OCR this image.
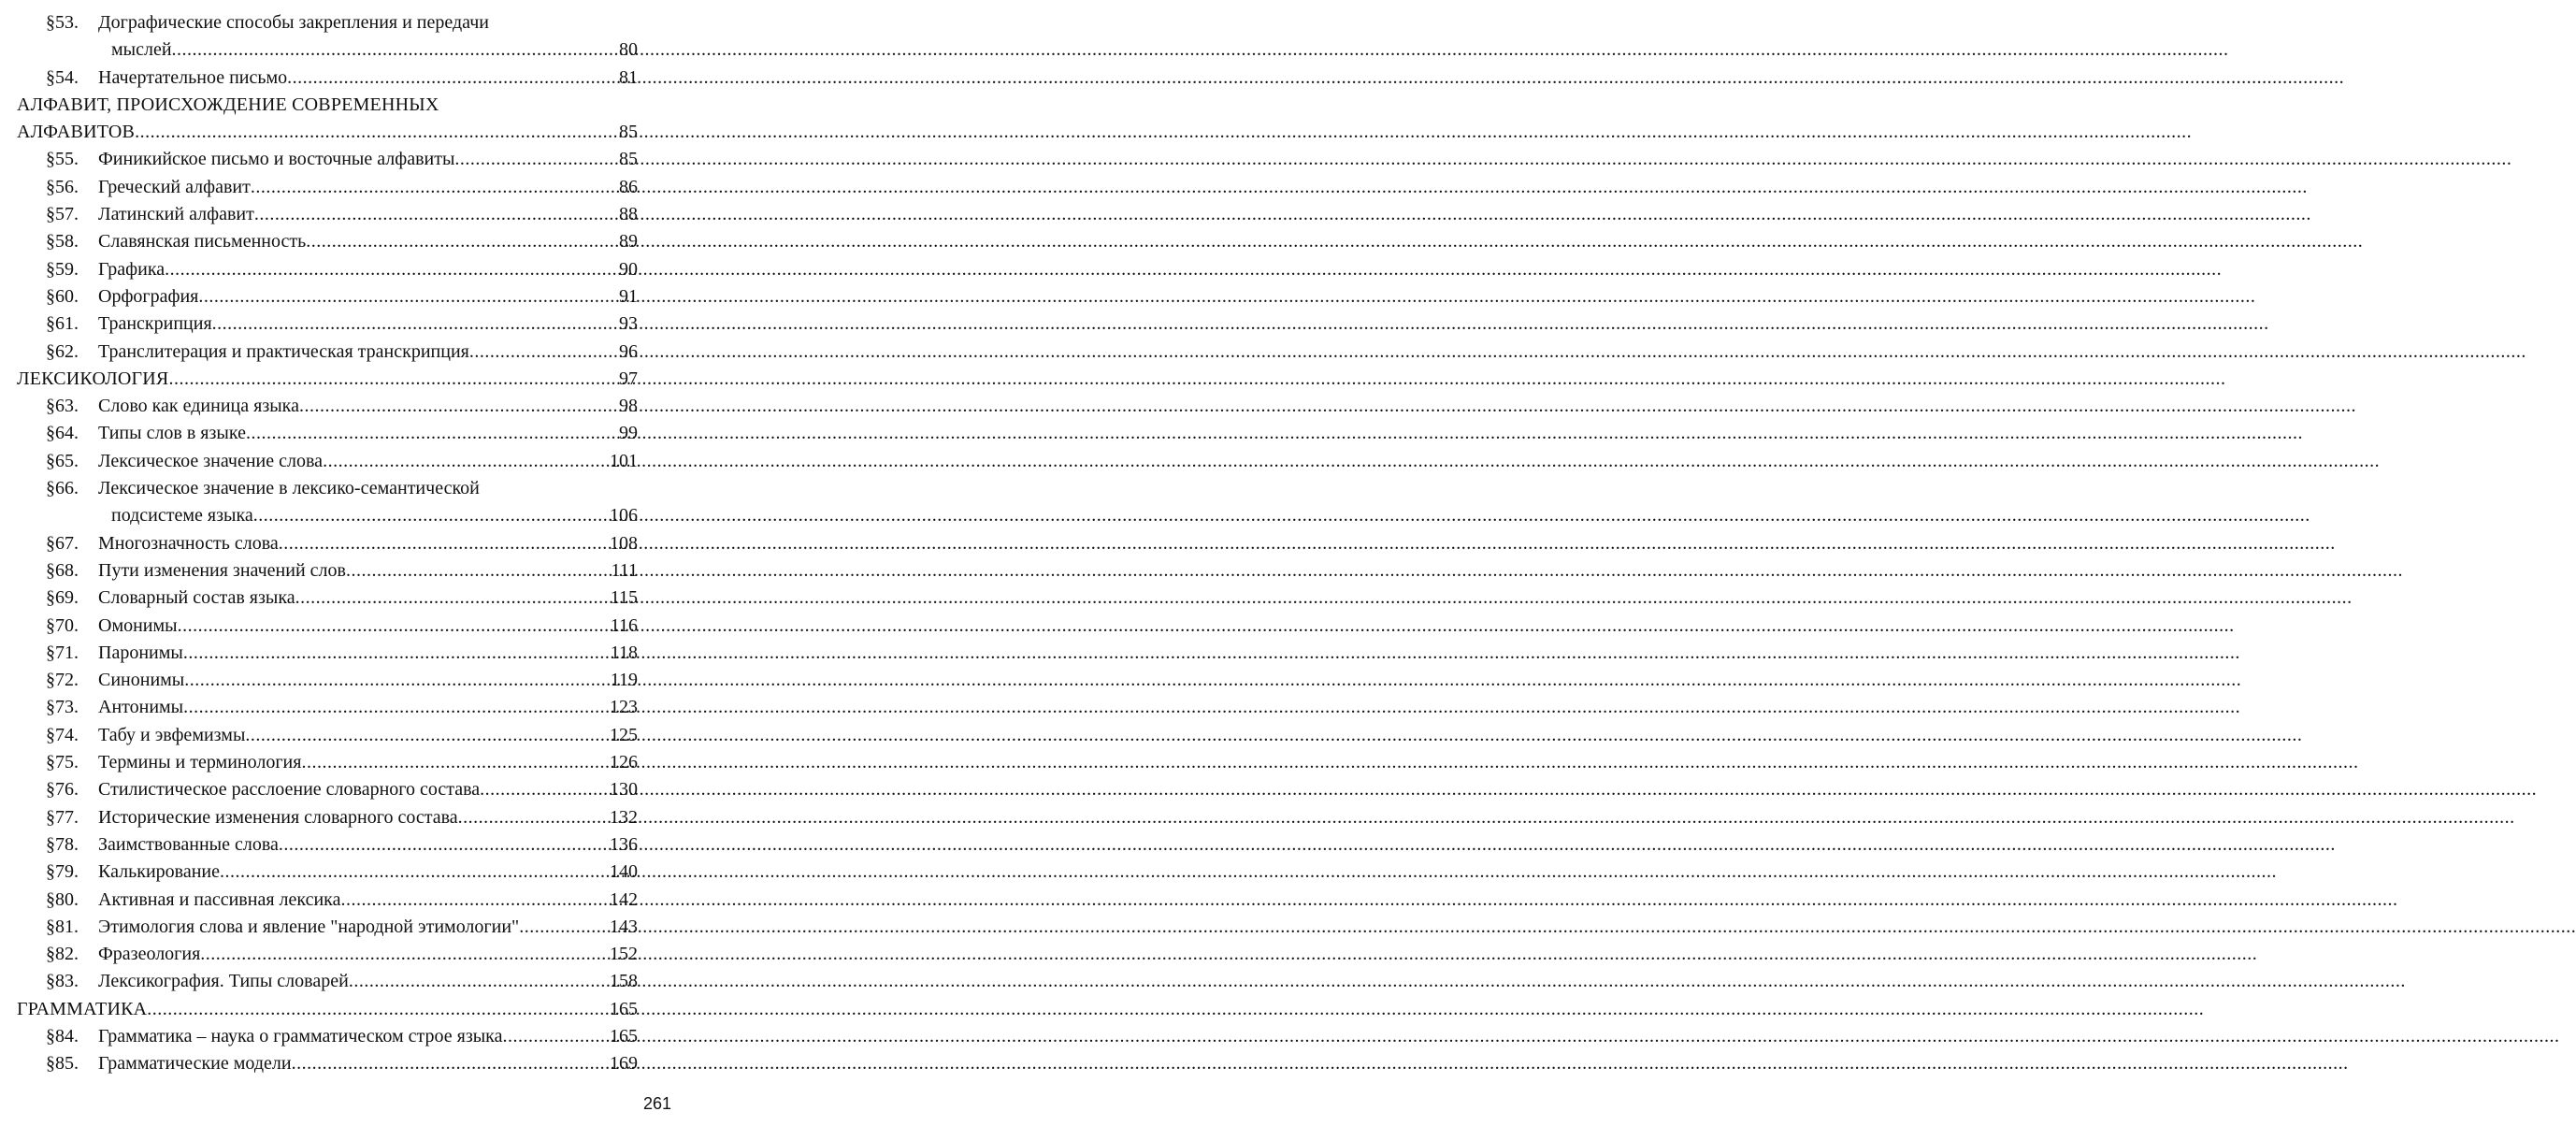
§53. Дографические способы закрепления и передачи
мыслей .....	80
§54. Начертательное письмо .....	81
АЛФАВИТ, ПРОИСХОЖДЕНИЕ СОВРЕМЕННЫХ
АЛФАВИТОВ .....	85
§55. Финикийское письмо и восточные алфавиты .....	85
§56. Греческий алфавит .....	86
§57. Латинский алфавит .....	88
§58. Славянская письменность .....	89
§59. Графика .....	90
§60. Орфография .....	91
§61. Транскрипция .....	93
§62. Транслитерация и практическая транскрипция .....	96
ЛЕКСИКОЛОГИЯ .....	97
§63. Слово как единица языка .....	98
§64. Типы слов в языке .....	99
§65. Лексическое значение слова .....	101
§66. Лексическое значение в лексико-семантической
подсистеме языка .....	106
§67. Многозначность слова .....	108
§68. Пути изменения значений слов .....	111
§69. Словарный состав языка .....	115
§70. Омонимы .....	116
§71. Паронимы .....	118
§72. Синонимы .....	119
§73. Антонимы .....	123
§74. Табу и эвфемизмы .....	125
§75. Термины и терминология .....	126
§76. Стилистическое расслоение словарного состава .....	130
§77. Исторические изменения словарного состава .....	132
§78. Заимствованные слова .....	136
§79. Калькирование .....	140
§80. Активная и пассивная лексика .....	142
§81. Этимология слова и явление "народной этимологии" .....	143
§82. Фразеология .....	152
§83. Лексикография. Типы словарей .....	158
ГРАММАТИКА .....	165
§84. Грамматика – наука о грамматическом строе языка .....	165
§85. Грамматические модели .....	169
261
